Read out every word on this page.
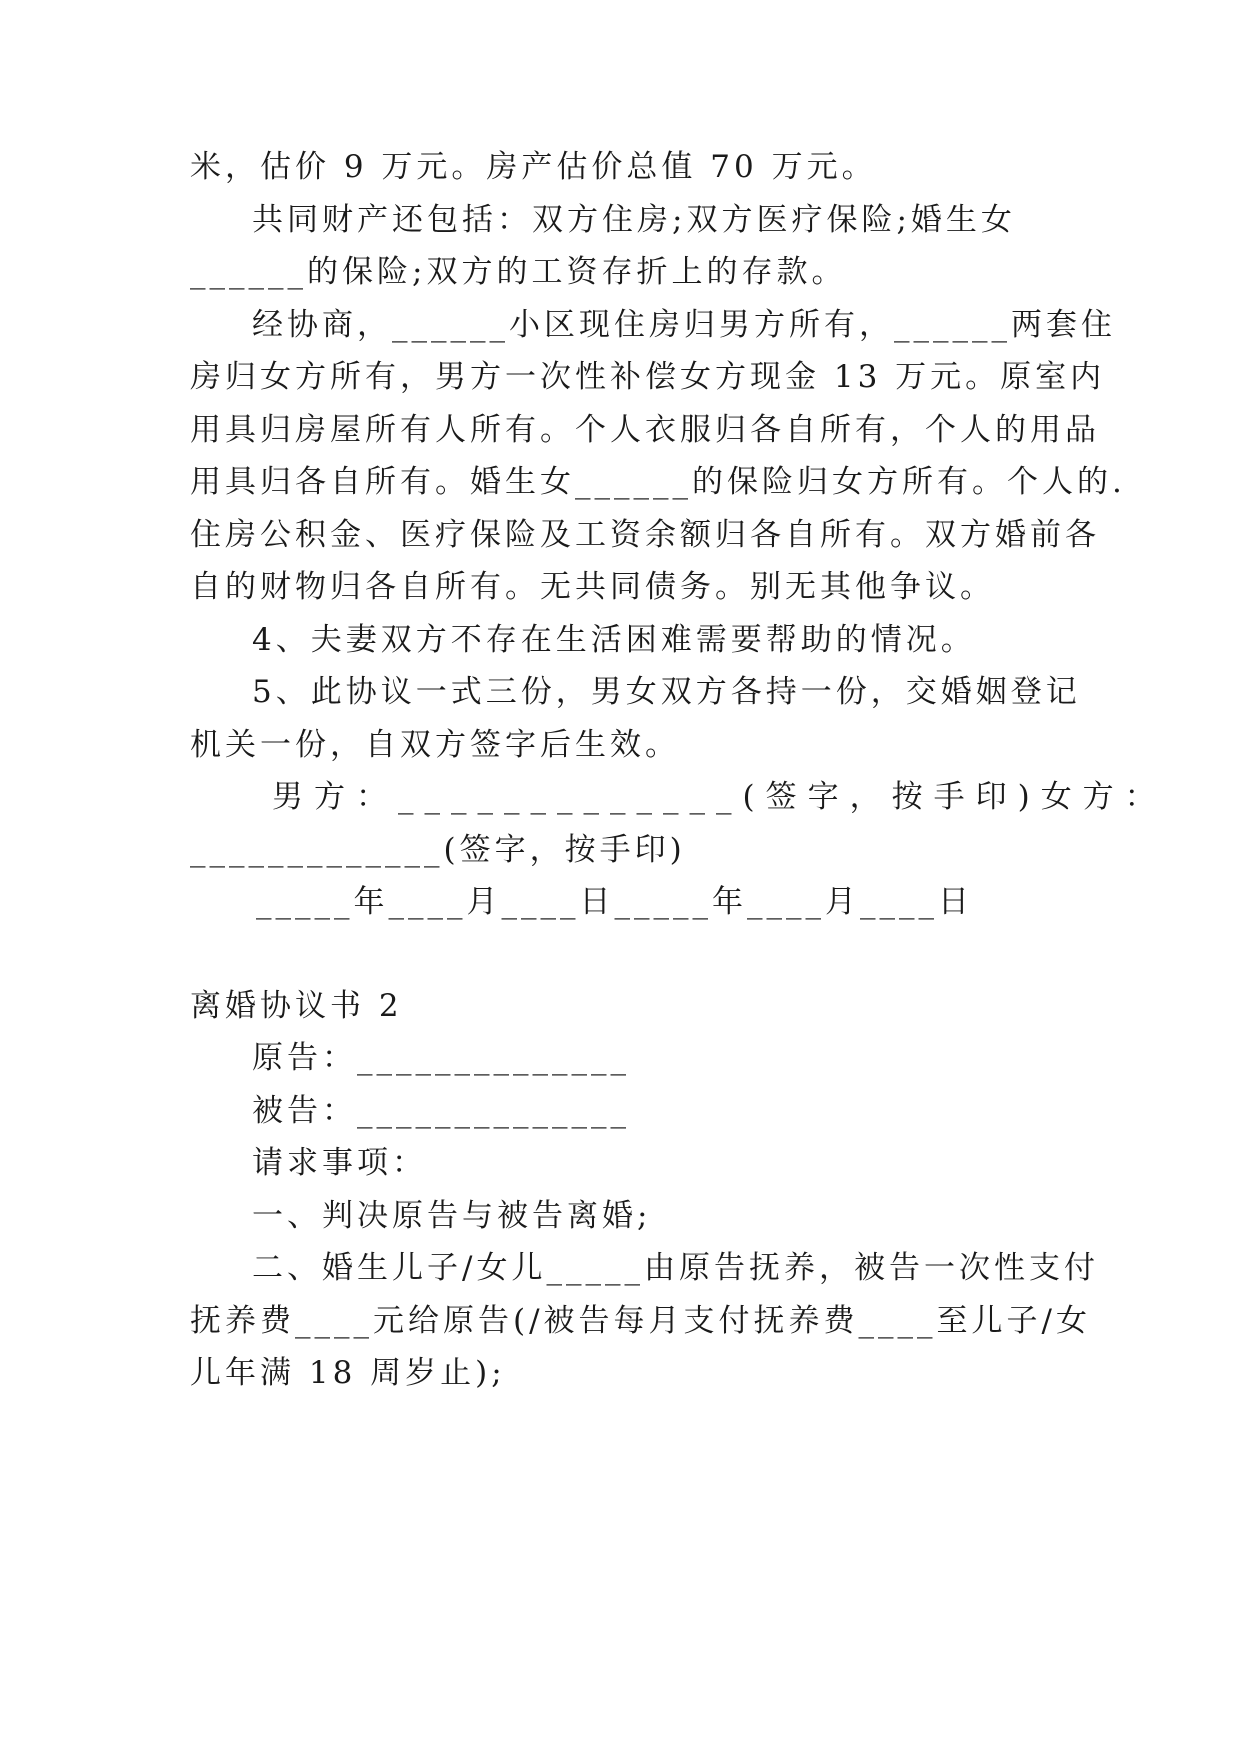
米，估价 9 万元。房产估价总值 70 万元。
共同财产还包括：双方住房;双方医疗保险;婚生女
______的保险;双方的工资存折上的存款。
经协商，______小区现住房归男方所有，______两套住
房归女方所有，男方一次性补偿女方现金 13 万元。原室内
用具归房屋所有人所有。个人衣服归各自所有，个人的用品
用具归各自所有。婚生女______的保险归女方所有。个人的.
住房公积金、医疗保险及工资余额归各自所有。双方婚前各
自的财物归各自所有。无共同债务。别无其他争议。
4、夫妻双方不存在生活困难需要帮助的情况。
5、此协议一式三份，男女双方各持一份，交婚姻登记
机关一份，自双方签字后生效。
男方：_____________(签字，按手印)女方：
_____________(签字，按手印)
_____年____月____日_____年____月____日
离婚协议书 2
原告：______________
被告：______________
请求事项：
一、判决原告与被告离婚;
二、婚生儿子/女儿_____由原告抚养，被告一次性支付
抚养费____元给原告(/被告每月支付抚养费____至儿子/女
儿年满 18 周岁止);
